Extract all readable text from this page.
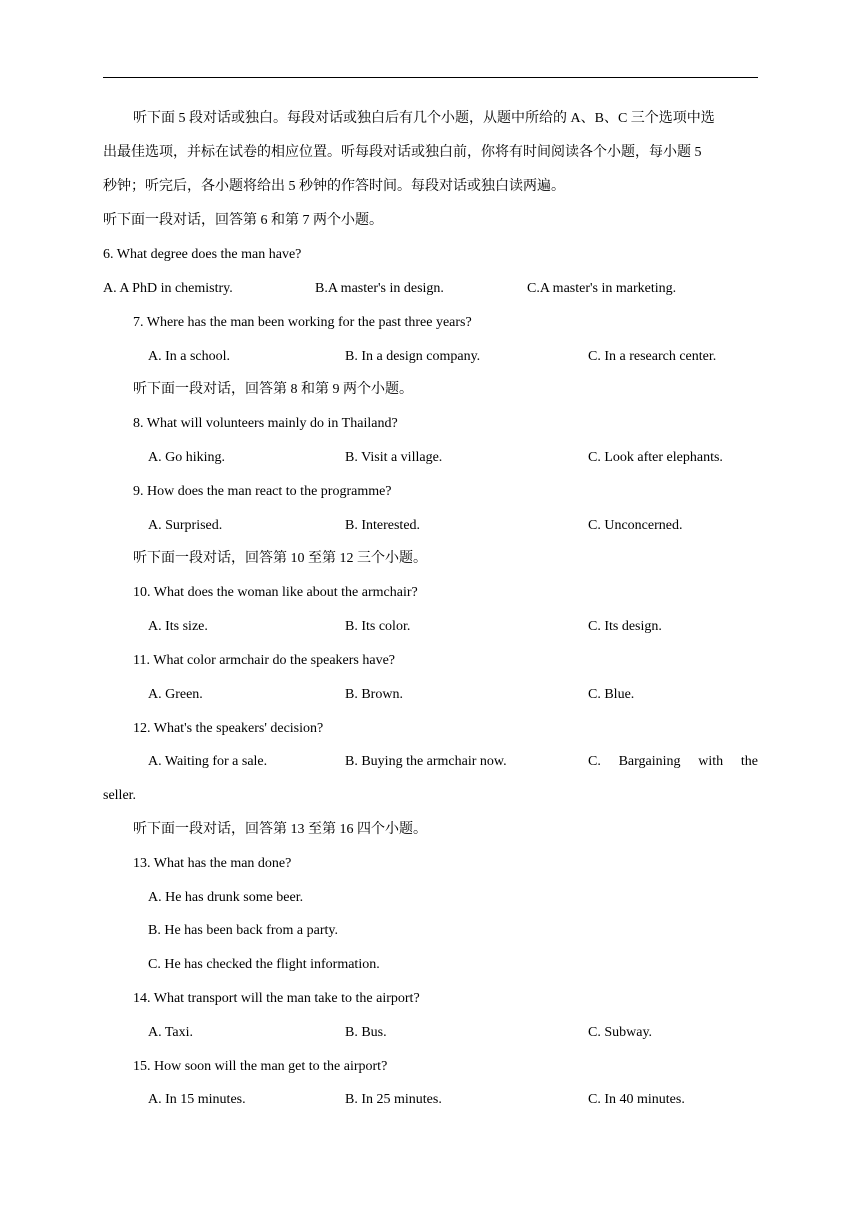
听下面 5 段对话或独白。每段对话或独白后有几个小题，从题中所给的 A、B、C 三个选项中选
出最佳选项，并标在试卷的相应位置。听每段对话或独白前，你将有时间阅读各个小题，每小题 5
秒钟；听完后，各小题将给出 5 秒钟的作答时间。每段对话或独白读两遍。
听下面一段对话，回答第 6 和第 7 两个小题。
6. What degree does the man have?
A. A PhD in chemistry.	B.A master's in design.	C.A master's in marketing.
7. Where has the man been working for the past three years?
A. In a school.	B. In a design company.	C. In a research center.
听下面一段对话，回答第 8 和第 9 两个小题。
8. What will volunteers mainly do in Thailand?
A. Go hiking.	B. Visit a village.	C. Look after elephants.
9. How does the man react to the programme?
A. Surprised.	B. Interested.	C. Unconcerned.
听下面一段对话，回答第 10 至第 12 三个小题。
10. What does the woman like about the armchair?
A. Its size.	B. Its color.	C. Its design.
11. What color armchair do the speakers have?
A. Green.	B. Brown.	C. Blue.
12. What's the speakers' decision?
A. Waiting for a sale.	B. Buying the armchair now.	C. Bargaining with the
seller.
听下面一段对话，回答第 13 至第 16 四个小题。
13. What has the man done?
A. He has drunk some beer.
B. He has been back from a party.
C. He has checked the flight information.
14. What transport will the man take to the airport?
A. Taxi.	B. Bus.	C. Subway.
15. How soon will the man get to the airport?
A. In 15 minutes.	B. In 25 minutes.	C. In 40 minutes.
